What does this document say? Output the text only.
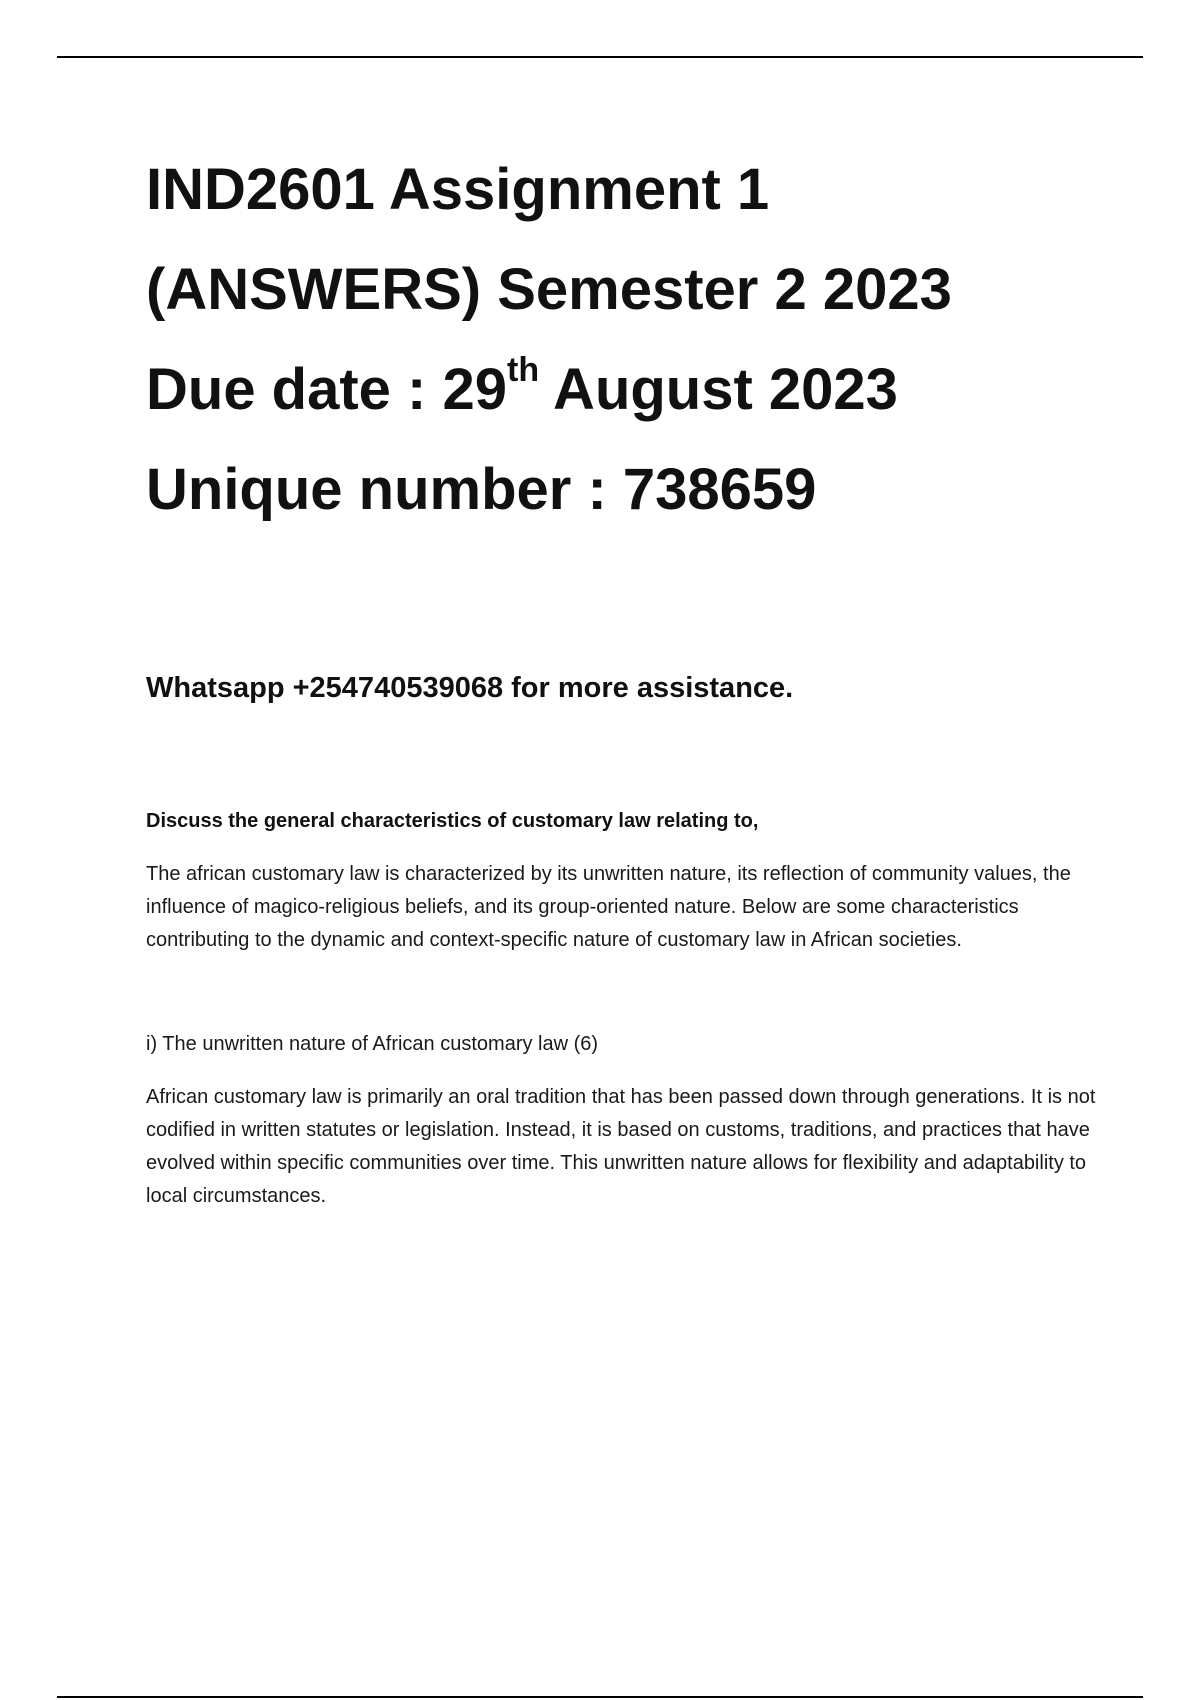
IND2601 Assignment 1
(ANSWERS) Semester 2 2023
Due date : 29th August 2023
Unique number : 738659

Whatsapp +254740539068 for more assistance.

Discuss the general characteristics of customary law relating to,

The african customary law is characterized by its unwritten nature, its reflection of community values, the influence of magico-religious beliefs, and its group-oriented nature. Below are some characteristics contributing to the dynamic and context-specific nature of customary law in African societies.

i) The unwritten nature of African customary law (6)

African customary law is primarily an oral tradition that has been passed down through generations. It is not codified in written statutes or legislation. Instead, it is based on customs, traditions, and practices that have evolved within specific communities over time. This unwritten nature allows for flexibility and adaptability to local circumstances.
